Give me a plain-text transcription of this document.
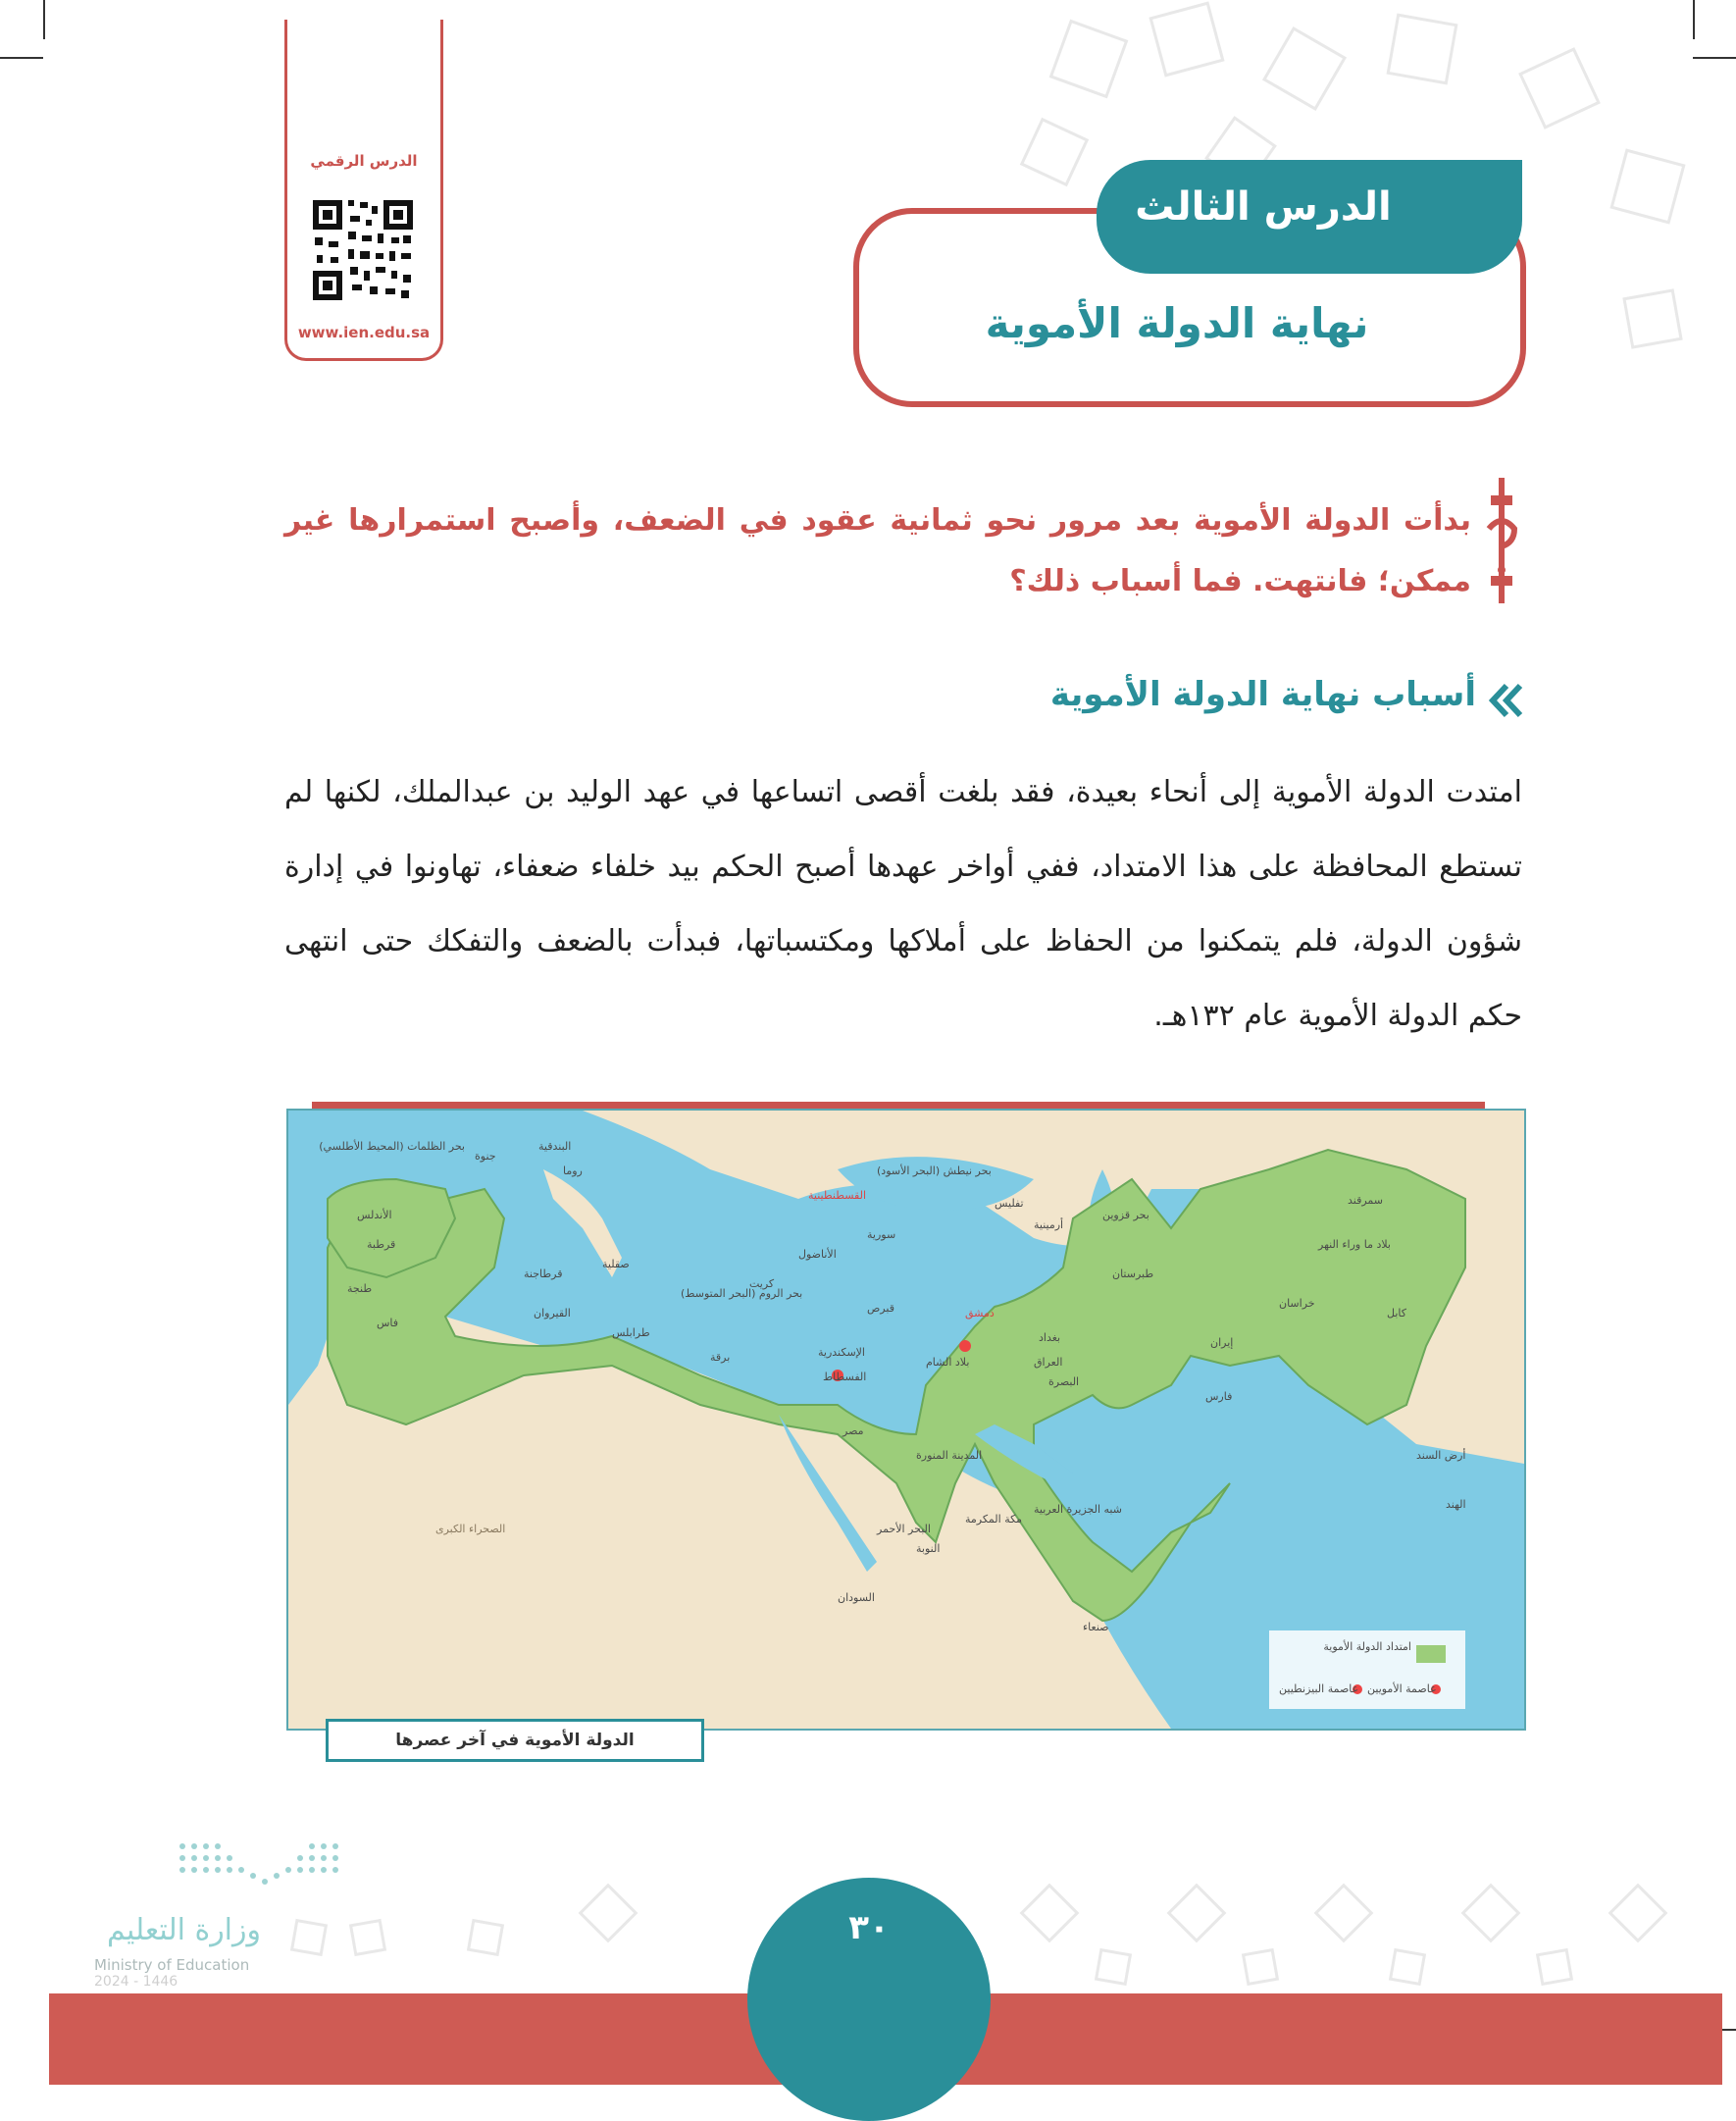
الدرس الرقمي
www.ien.edu.sa
الدرس الثالث
نهاية الدولة الأموية
بدأت الدولة الأموية بعد مرور نحو ثمانية عقود في الضعف، وأصبح استمرارها غير ممكن؛ فانتهت. فما أسباب ذلك؟
أسباب نهاية الدولة الأموية
امتدت الدولة الأموية إلى أنحاء بعيدة، فقد بلغت أقصى اتساعها في عهد الوليد بن عبدالملك، لكنها لم تستطع المحافظة على هذا الامتداد، ففي أواخر عهدها أصبح الحكم بيد خلفاء ضعفاء، تهاونوا في إدارة شؤون الدولة، فلم يتمكنوا من الحفاظ على أملاكها ومكتسباتها، فبدأت بالضعف والتفكك حتى انتهى حكم الدولة الأموية عام ١٣٢هـ.
بحر الظلمات (المحيط الأطلسي)
الأندلس
قرطبة
طنجة
فاس
القيروان
قرطاجنة
طرابلس
برقة
صقلية
روما
جنوة
البندقية
كريت
قبرص
بحر الروم (البحر المتوسط)
بحر نيطش (البحر الأسود)
القسطنطينية
سورية
الأناضول
الإسكندرية
الفسطاط
مصر
دمشق
بلاد الشام
بغداد
العراق
البصرة
أرمينية
تفليس
طبرستان
إيران
فارس
خراسان
كابل
سمرقند
بلاد ما وراء النهر
أرض السند
الهند
المدينة المنورة
مكة المكرمة
شبه الجزيرة العربية
صنعاء
السودان
النوبة
الصحراء الكبرى
بحر قزوين
البحر الأحمر
امتداد الدولة الأموية
عاصمة الأمويين
عاصمة البيزنطيين
الدولة الأموية في آخر عصرها
وزارة التعليم
Ministry of Education
2024 - 1446
٣٠
